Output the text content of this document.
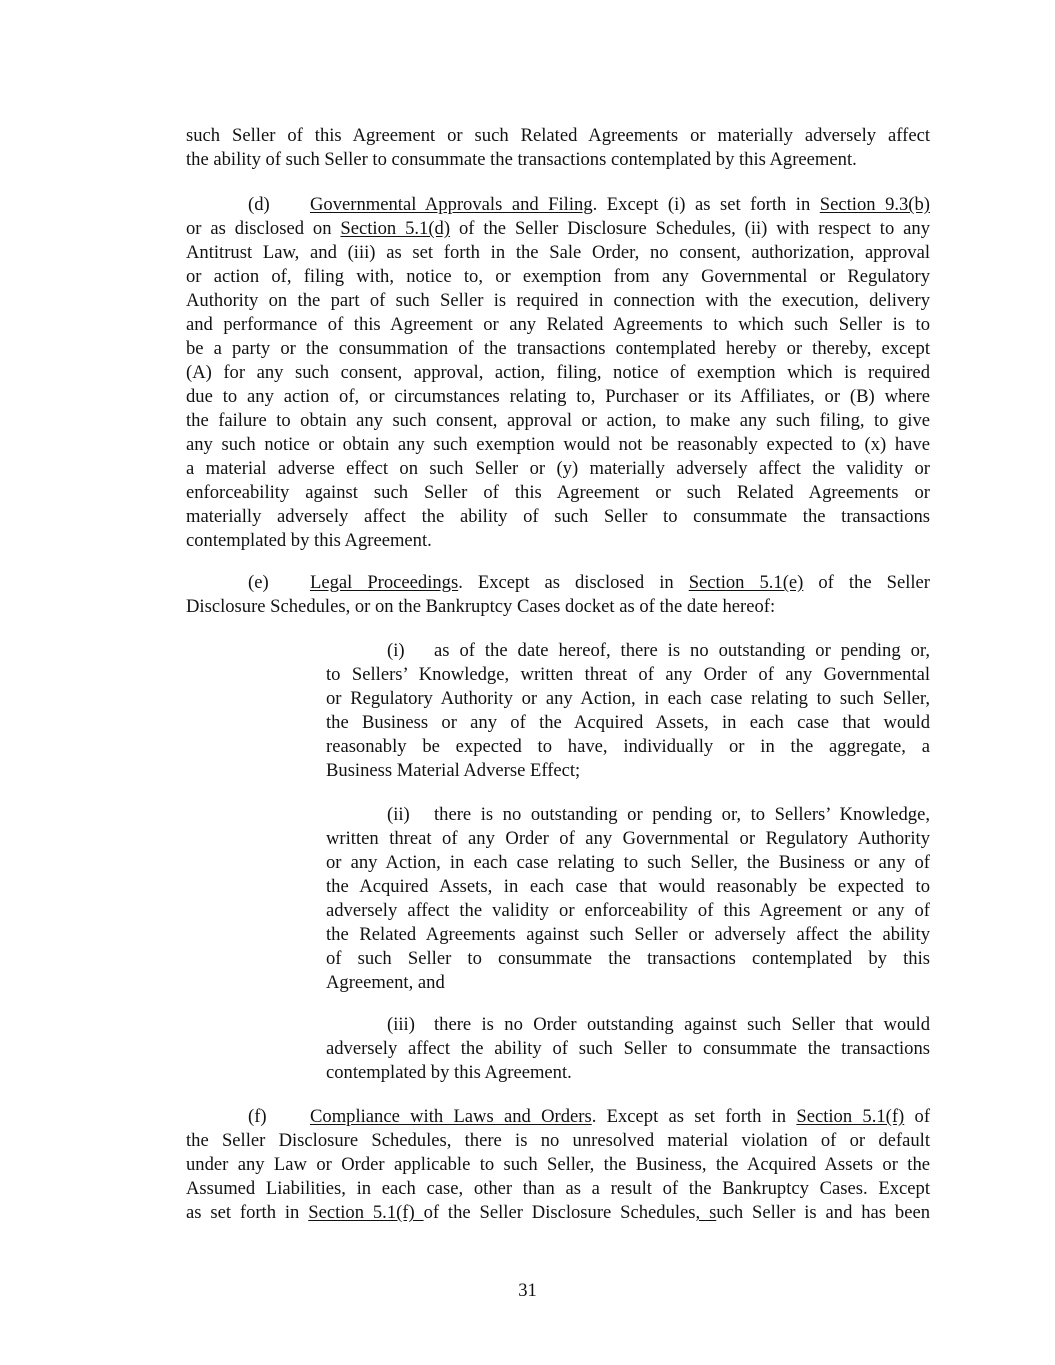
such Seller of this Agreement or such Related Agreements or materially adversely affect
the ability of such Seller to consummate the transactions contemplated by this Agreement.
(d) Governmental Approvals and Filing. Except (i) as set forth in Section 9.3(b)
or as disclosed on Section 5.1(d) of the Seller Disclosure Schedules, (ii) with respect to any
Antitrust Law, and (iii) as set forth in the Sale Order, no consent, authorization, approval
or action of, filing with, notice to, or exemption from any Governmental or Regulatory
Authority on the part of such Seller is required in connection with the execution, delivery
and performance of this Agreement or any Related Agreements to which such Seller is to
be a party or the consummation of the transactions contemplated hereby or thereby, except
(A) for any such consent, approval, action, filing, notice of exemption which is required
due to any action of, or circumstances relating to, Purchaser or its Affiliates, or (B) where
the failure to obtain any such consent, approval or action, to make any such filing, to give
any such notice or obtain any such exemption would not be reasonably expected to (x) have
a material adverse effect on such Seller or (y) materially adversely affect the validity or
enforceability against such Seller of this Agreement or such Related Agreements or
materially adversely affect the ability of such Seller to consummate the transactions
contemplated by this Agreement.
(e) Legal Proceedings. Except as disclosed in Section 5.1(e) of the Seller
Disclosure Schedules, or on the Bankruptcy Cases docket as of the date hereof:
(i) as of the date hereof, there is no outstanding or pending or,
to Sellers’ Knowledge, written threat of any Order of any Governmental
or Regulatory Authority or any Action, in each case relating to such Seller,
the Business or any of the Acquired Assets, in each case that would
reasonably be expected to have, individually or in the aggregate, a
Business Material Adverse Effect;
(ii) there is no outstanding or pending or, to Sellers’ Knowledge,
written threat of any Order of any Governmental or Regulatory Authority
or any Action, in each case relating to such Seller, the Business or any of
the Acquired Assets, in each case that would reasonably be expected to
adversely affect the validity or enforceability of this Agreement or any of
the Related Agreements against such Seller or adversely affect the ability
of such Seller to consummate the transactions contemplated by this
Agreement, and
(iii) there is no Order outstanding against such Seller that would
adversely affect the ability of such Seller to consummate the transactions
contemplated by this Agreement.
(f) Compliance with Laws and Orders. Except as set forth in Section 5.1(f) of
the Seller Disclosure Schedules, there is no unresolved material violation of or default
under any Law or Order applicable to such Seller, the Business, the Acquired Assets or the
Assumed Liabilities, in each case, other than as a result of the Bankruptcy Cases. Except
as set forth in Section 5.1(f) of the Seller Disclosure Schedules, such Seller is and has been
31
